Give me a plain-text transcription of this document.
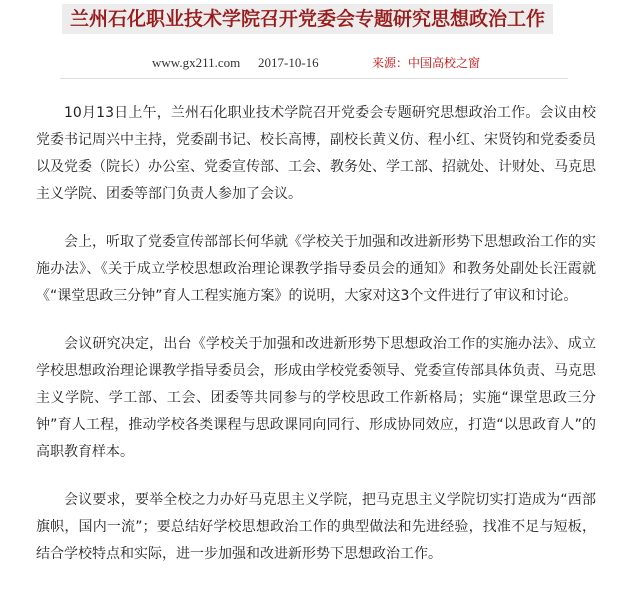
兰州石化职业技术学院召开党委会专题研究思想政治工作
www.gx211.com 2017-10-16	来源：中国高校之窗

10月13日上午，兰州石化职业技术学院召开党委会专题研究思想政治工作。会议由校党委书记周兴中主持，党委副书记、校长高博，副校长黄义仿、程小红、宋贤钧和党委委员以及党委（院长）办公室、党委宣传部、工会、教务处、学工部、招就处、计财处、马克思主义学院、团委等部门负责人参加了会议。

会上，听取了党委宣传部部长何华就《学校关于加强和改进新形势下思想政治工作的实施办法》、《关于成立学校思想政治理论课教学指导委员会的通知》和教务处副处长汪霞就《“课堂思政三分钟”育人工程实施方案》的说明，大家对这3个文件进行了审议和讨论。

会议研究决定，出台《学校关于加强和改进新形势下思想政治工作的实施办法》、成立学校思想政治理论课教学指导委员会，形成由学校党委领导、党委宣传部具体负责、马克思主义学院、学工部、工会、团委等共同参与的学校思政工作新格局；实施“课堂思政三分钟”育人工程，推动学校各类课程与思政课同向同行、形成协同效应，打造“以思政育人”的高职教育样本。

会议要求，要举全校之力办好马克思主义学院，把马克思主义学院切实打造成为“西部旗帜，国内一流”；要总结好学校思想政治工作的典型做法和先进经验，找准不足与短板，结合学校特点和实际，进一步加强和改进新形势下思想政治工作。
